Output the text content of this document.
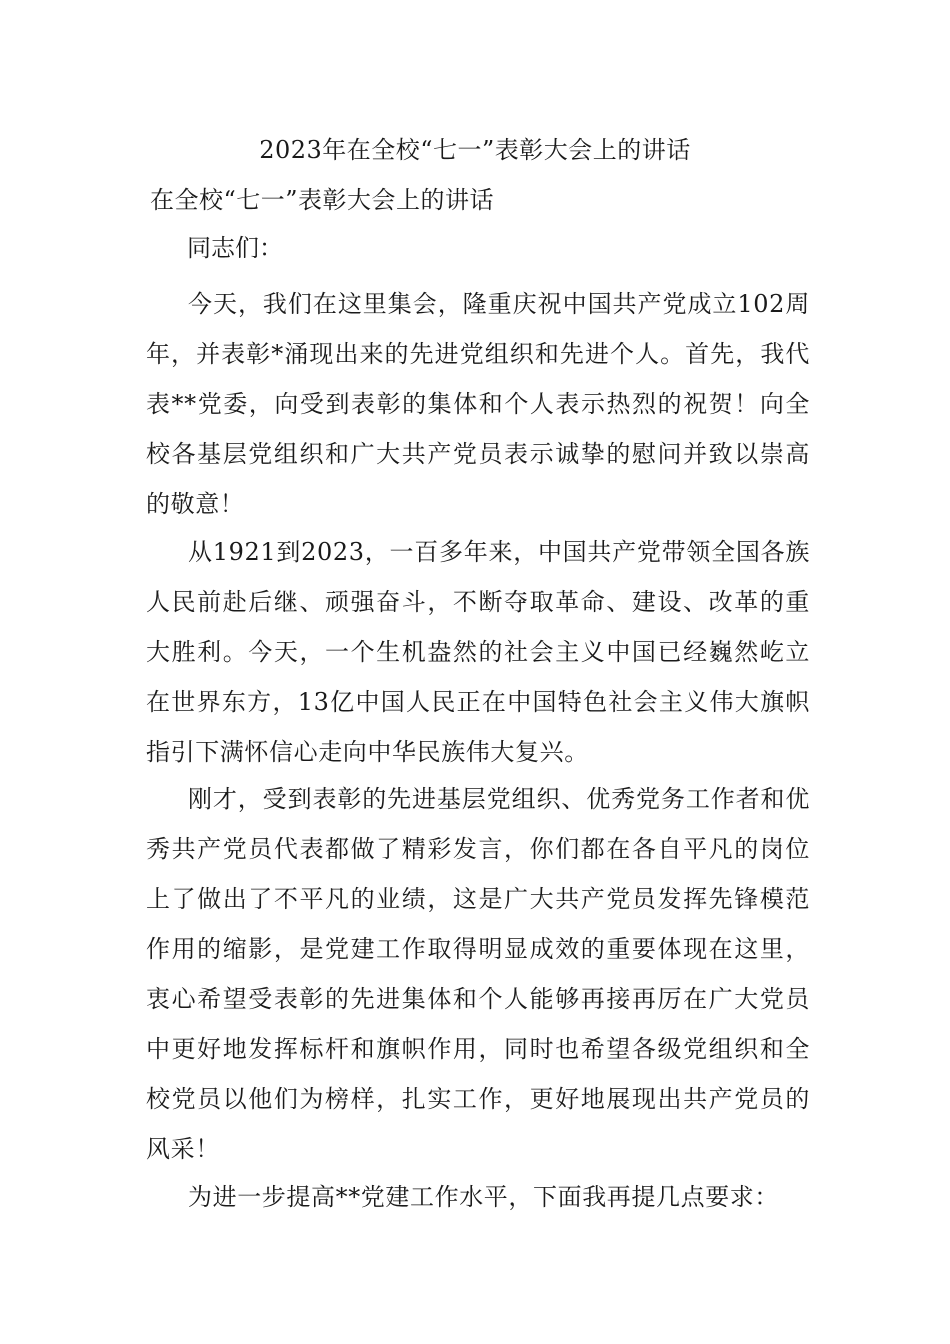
2023年在全校“七一”表彰大会上的讲话
在全校“七一”表彰大会上的讲话

同志们：

今天，我们在这里集会，隆重庆祝中国共产党成立102周年，并表彰*涌现出来的先进党组织和先进个人。首先，我代表**党委，向受到表彰的集体和个人表示热烈的祝贺！向全校各基层党组织和广大共产党员表示诚挚的慰问并致以崇高的敬意！

从1921到2023，一百多年来，中国共产党带领全国各族人民前赴后继、顽强奋斗，不断夺取革命、建设、改革的重大胜利。今天，一个生机盎然的社会主义中国已经巍然屹立在世界东方，13亿中国人民正在中国特色社会主义伟大旗帜指引下满怀信心走向中华民族伟大复兴。

刚才，受到表彰的先进基层党组织、优秀党务工作者和优秀共产党员代表都做了精彩发言，你们都在各自平凡的岗位上了做出了不平凡的业绩，这是广大共产党员发挥先锋模范作用的缩影，是党建工作取得明显成效的重要体现在这里，衷心希望受表彰的先进集体和个人能够再接再厉在广大党员中更好地发挥标杆和旗帜作用，同时也希望各级党组织和全校党员以他们为榜样，扎实工作，更好地展现出共产党员的风采！

为进一步提高**党建工作水平，下面我再提几点要求：
